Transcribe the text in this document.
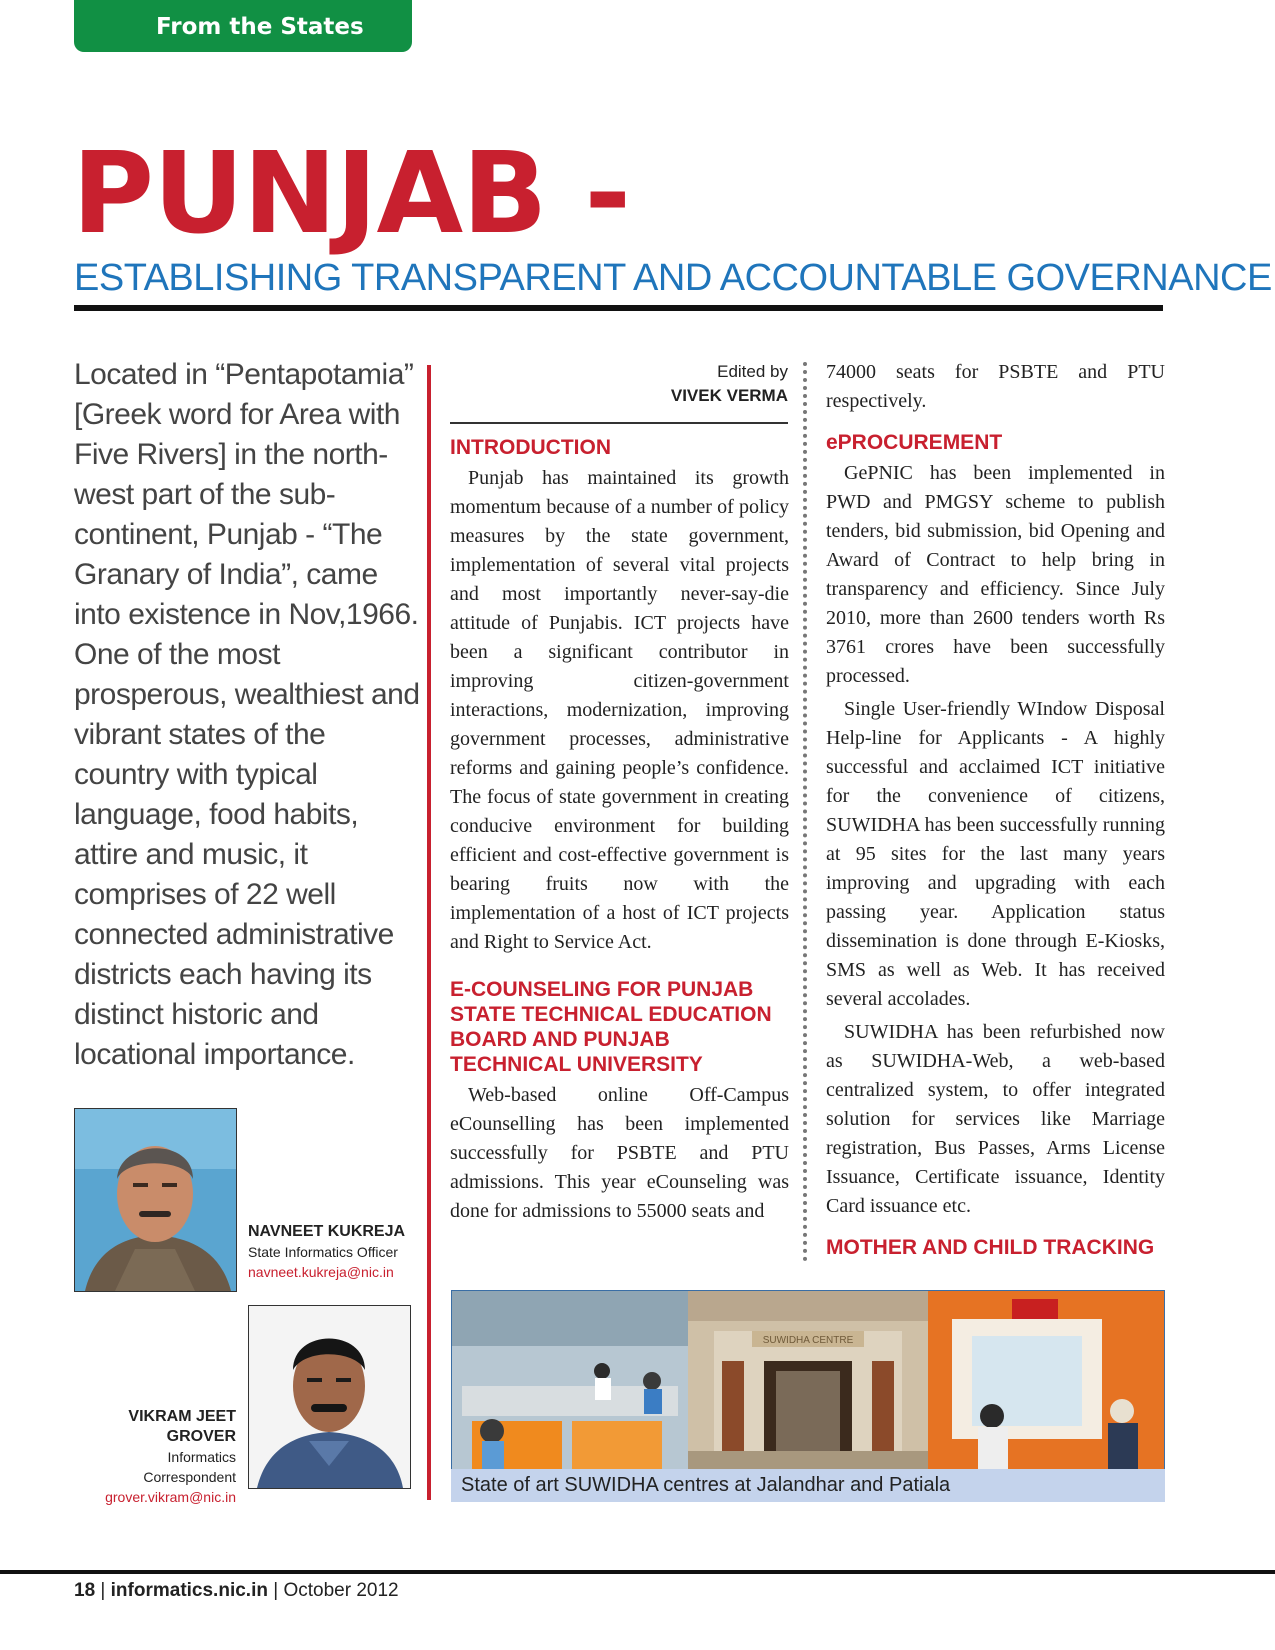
From the States
PUNJAB -
ESTABLISHING TRANSPARENT AND ACCOUNTABLE GOVERNANCE
Located in “Pentapotamia” [Greek word for Area with Five Rivers] in the north-west part of the sub-continent, Punjab - “The Granary of India”, came into existence in Nov,1966. One of the most prosperous, wealthiest and vibrant states of the country with typical language, food habits, attire and music, it comprises of 22 well connected administrative districts each having its distinct historic and locational importance.
Edited by
VIVEK VERMA
INTRODUCTION

Punjab has maintained its growth momentum because of a number of policy measures by the state government, implementation of several vital projects and most importantly never-say-die attitude of Punjabis. ICT projects have been a significant contributor in improving citizen-government interactions, modernization, improving government processes, administrative reforms and gaining people’s confidence. The focus of state government in creating conducive environment for building efficient and cost-effective government is bearing fruits now with the implementation of a host of ICT projects and Right to Service Act.

E-COUNSELING FOR PUNJAB STATE TECHNICAL EDUCATION BOARD AND PUNJAB TECHNICAL UNIVERSITY

Web-based online Off-Campus eCounselling has been implemented successfully for PSBTE and PTU admissions. This year eCounseling was done for admissions to 55000 seats and

74000 seats for PSBTE and PTU respectively.

ePROCUREMENT

GePNIC has been implemented in PWD and PMGSY scheme to publish tenders, bid submission, bid Opening and Award of Contract to help bring in transparency and efficiency. Since July 2010, more than 2600 tenders worth Rs 3761 crores have been successfully processed.

Single User-friendly WIndow Disposal Help-line for Applicants - A highly successful and acclaimed ICT initiative for the convenience of citizens, SUWIDHA has been successfully running at 95 sites for the last many years improving and upgrading with each passing year. Application status dissemination is done through E-Kiosks, SMS as well as Web. It has received several accolades.

SUWIDHA has been refurbished now as SUWIDHA-Web, a web-based centralized system, to offer integrated solution for services like Marriage registration, Bus Passes, Arms License Issuance, Certificate issuance, Identity Card issuance etc.

MOTHER AND CHILD TRACKING
NAVNEET KUKREJA
State Informatics Officer
navneet.kukreja@nic.in
VIKRAM JEET GROVER
Informatics Correspondent
grover.vikram@nic.in
SUWIDHA CENTRE
State of art SUWIDHA centres at Jalandhar and Patiala
18 | informatics.nic.in | October 2012
